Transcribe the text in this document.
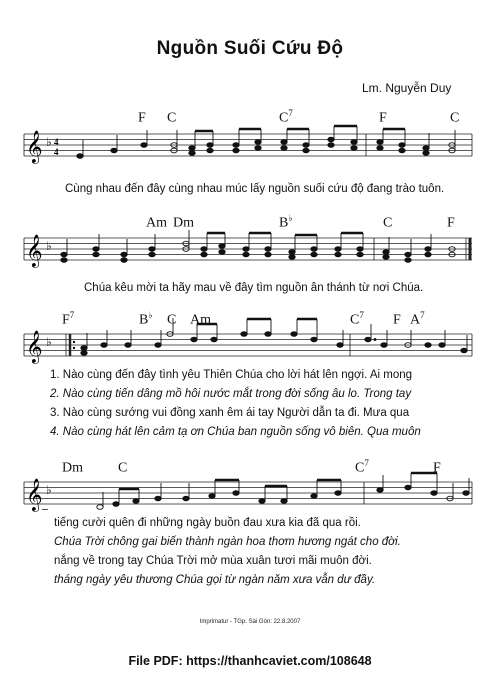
Nguồn Suối Cứu Độ
Lm. Nguyễn Duy
F C	$C^7$	F	C
𝄞 ♭ 4
4
Cùng nhau đến đây cùng nhau múc lấy nguồn suối cứu độ đang trào tuôn.
Am Dm	B♭	C	F
𝄞 ♭
Chúa kêu mời ta hãy mau về đây tìm nguồn ân thánh từ nơi Chúa.
$F^7$	B♭ C Am	$C^7$ F $A^7$
𝄞 ♭
1. Nào cùng đến đây tình yêu Thiên Chúa cho lời hát lên ngợi. Ai mong
2. Nào cùng tiến dâng mồ hôi nước mắt trong đời sống âu lo. Trong tay
3. Nào cùng sướng vui đồng xanh êm ái tay Người dẫn ta đi. Mưa qua
4. Nào cùng hát lên cảm tạ ơn Chúa ban nguồn sống vô biên. Qua muôn
Dm	C	$C^7$	F
𝄞 ♭
tiếng cười quên đi những ngày buồn đau xưa kia đã qua rồi.
Chúa Trời chông gai biến thành ngàn hoa thơm hương ngát cho đời.
nắng về trong tay Chúa Trời mở mùa xuân tươi mãi muôn đời.
tháng ngày yêu thương Chúa gọi từ ngàn năm xưa vẫn dư đầy.
Imprimatur - TGp. Sài Gòn: 22.8.2007
File PDF: https://thanhcaviet.com/108648
